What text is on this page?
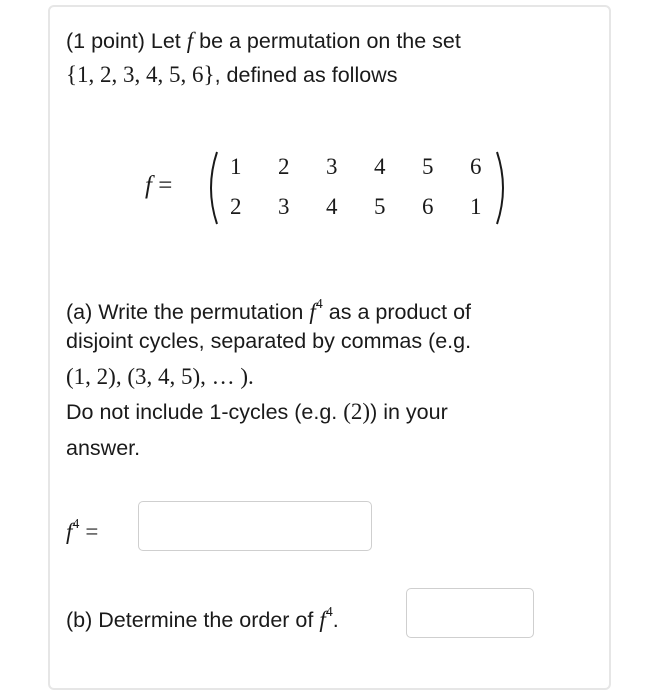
(1 point) Let f be a permutation on the set
{1, 2, 3, 4, 5, 6}, defined as follows
f =
1 2 3 4 5 6
2 3 4 5 6 1
(a) Write the permutation $f^4$ as a product of
disjoint cycles, separated by commas (e.g.
(1, 2), (3, 4, 5), … ).
Do not include 1-cycles (e.g. (2)) in your
answer.
$f^4$ =
(b) Determine the order of $f^4$.
